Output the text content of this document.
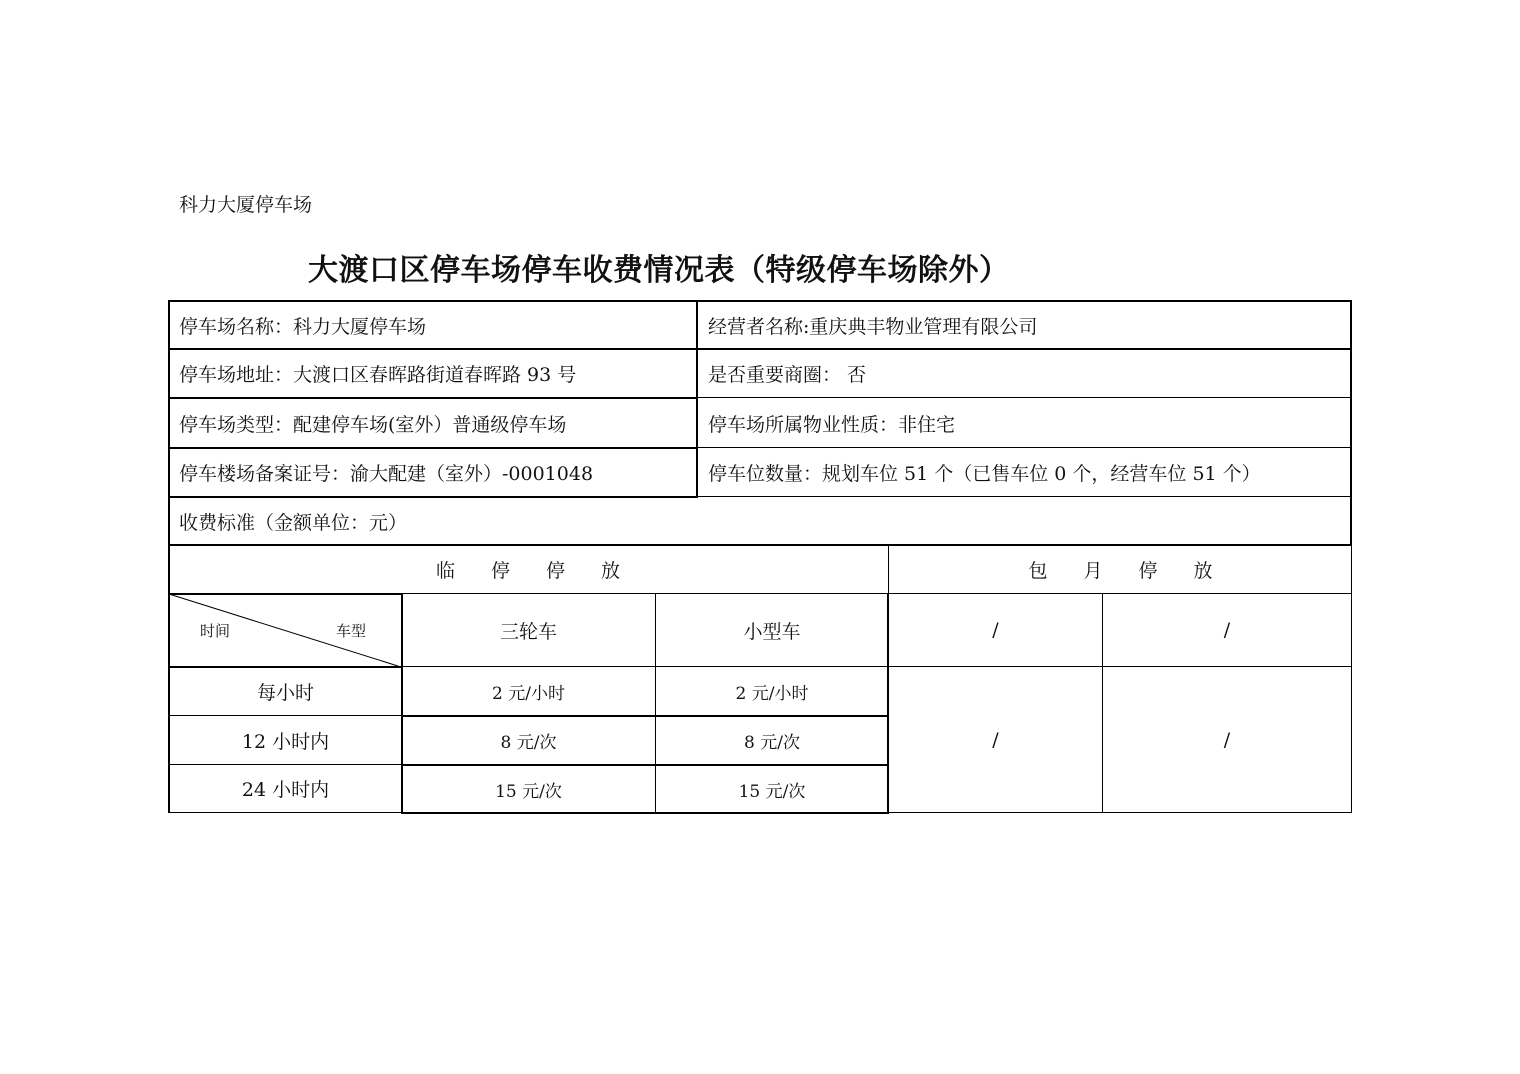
科力大厦停车场
大渡口区停车场停车收费情况表（特级停车场除外）
停车场名称：科力大厦停车场	经营者名称:重庆典丰物业管理有限公司
停车场地址：大渡口区春晖路街道春晖路 93 号	是否重要商圈： 否
停车场类型：配建停车场(室外）普通级停车场	停车场所属物业性质：非住宅
停车楼场备案证号：渝大配建（室外）-0001048	停车位数量：规划车位 51 个（已售车位 0 个，经营车位 51 个）
收费标准（金额单位：元）
临 停 停 放	包 月 停 放
时间	车型	三轮车	小型车	/	/
每小时	2 元/小时	2 元/小时
12 小时内	8 元/次	8 元/次
24 小时内	15 元/次	15 元/次
/	/
